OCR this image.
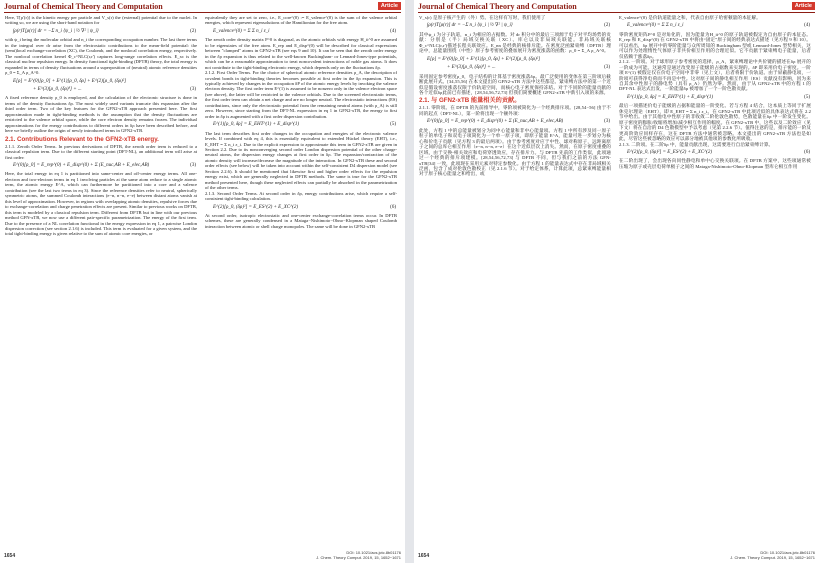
Journal of Chemical Theory and Computation	Article

Here, T[ρ'(r)] is the kinetic energy per particle and V_s(r) the (external) potential due to the nuclei. In writing so, we are using the short-hand notation for

∫ρ(r)T[ρ(r)] dr = −Σ n_i ⟨ψ_i | ½ ∇² | ψ_i⟩	(2)

with ψ_i being the molecular orbital and n_i the corresponding occupation number. The last three terms in the integral over dr arise from the electrostatic contributions to the mean-field potential: the (semi)local exchange-correlation (XC), the Coulomb, and the nonlocal correlation energy, respectively. The nonlocal correlation kernel Φ_c^NLC(r,r') captures long-range correlation effects. E_xc is the classical nuclear repulsion energy. In density functional tight-binding (DFTB) theory, the total energy is expanded in terms of density fluctuations around a superposition of (neutral) atomic reference densities ρ_0 = Σ_A ρ_A^0.

E[ρ] = E^(0)[ρ_0] + E^(1)[ρ_0, δρ] + E^(2)[ρ_0, (δρ)²]
+ E^(3)[ρ_0, (δρ)³] + ...	(3)

A fixed reference density ρ_0 is employed, and the calculation of the electronic structure is done in terms of the density fluctuations δρ. The most widely used variants truncate this expansion after the third order term. Two of the key features for the GFN2-xTB approach presented here. The first approximation made in tight-binding methods is the assumption that the density fluctuations are restricted to the valence orbital space, while the core electron density remains frozen. The individual approximations for the energy contributions to different orders in δρ have been described before, and here we briefly outline the origin of newly introduced terms in GFN2-xTB.

2.1. Contributions Relevant to the GFN2-xTB energy.

2.1.1. Zeroth Order Terms. In previous derivations of DFTB, the zeroth order term is reduced to a classical repulsion term. Due to the different starting point (DFT-NL), an additional term will arise at first order:

E^(0)[ρ_0] = E_rep^(0) + E_disp^(0) + Σ (E_nuc,AB + E_elec,AB)	(3)

Here, the total energy in eq 1 is partitioned into same-center and off-center energy terms. All one-electron and two-electron terms in eq 1 involving particles at the same atom reduce to a single atomic term, the atomic energy E^A, which can furthermore be partitioned into a core and a valence contribution (see the last two terms in eq 3). Since the reference densities refer to neutral, spherically symmetric atoms, the summed Coulomb interactions (e−n, n−n, e−e) between distant atoms vanish at this level of approximation. However, in regions with overlapping atomic densities, repulsive forces due to exchange-correlation and charge penetration effects are present. Similar to previous works on DFTB, this term is modeled by a classical repulsion term. Different from DFTB but in line with our previous method GFN-xTB, we now use a different pair-specific parametrization. The energy of the first term. Due to the presence of a NL correlation functional in the energy expression in eq 1, a pairwise London dispersion correction (see section 2.1.6) is included. This term is evaluated for a given system, and the total tight-binding energy is given relative to the sum of atomic core energies, or

equivalently they are set to zero, i.e., E_core^(0) := E_valence^(0) is the sum of the valence orbital energies, which represent eigensolutions of the Hamiltonian for the free atom.

E_valence^(0) = Σ Σ n_i ε_i	(4)

The zeroth order density matrix P^0 is diagonal, as the atomic orbitals with energy H_ii^0 are assumed to be eigenstates of the free atom. E_rep and E_disp^(0) will be described for classical expressions between "clamped" atoms in GFN2-xTB (see eqs 9 and 10). It can be seen that the zeroth order energy in the δρ expansion is thus related to the well-known Buckingham- or Lennard-Jones-type potentials, which can be a reasonable approximation to treat noncovalent interactions of noble gas atoms. It does not contribute to the tight-binding electronic energy, which depends only on the fluctuations δρ.

2.1.2. First Order Terms. For the choice of spherical atomic reference densities ρ_A, the description of covalent bonds in tight-binding theories becomes possible at first order in the δρ expansion. This is typically achieved by changes in the occupation δP of the atomic energy levels by invoking the valence electron density. The first order term E^(1) is assumed to be nonzero only in the valence electron space (see above), the latter will be restricted to the valence orbitals. Due to the screened electrostatic terms, the first order term can obtain a net charge and are no longer neutral. The electrostatic interactions (ES) contributions, since only the electrostatic potential from the remaining neutral atoms (with ρ_A) is still zero. However, since starting from the DFT-NL expression in eq 1 in GFN2-xTB, the energy to first order in δρ is augmented with a first order dispersion contribution.

E^(1)[ρ_0, δρ] = E_EHT^(1) + E_disp^(1)	(5)

The last term describes first order changes in the occupation and energies of the electronic valence levels. If combined with eq 4, this is essentially equivalent to extended Hückel theory (EHT), i.e., E_EHT = Σ n_i ε_i. Due to the explicit expression to approximate this term in GFN2-xTB are given in Section 2.2. Due to its nonconverging second order London dispersion potential of the other charge-neutral atoms, the dispersion energy changes at first order in δρ. The expansion/contraction of the atomic density will increase/decrease the magnitude of the interaction. In GFN2-xTB these and second order effects (see below) will be taken into account within the self-consistent D4 dispersion model (see Section 2.2.6). It should be mentioned that likewise first and higher order effects for the repulsion energy exist, which are generally neglected in DFTB methods. The same is true for the GFN2-xTB method presented here, though these neglected effects can partially be absorbed in the parametrization of the other terms.

2.1.3. Second Order Terms. At second order in δρ, energy contributions arise, which require a self-consistent tight-binding calculation.

E^(2)[ρ_0, (δρ)²] = E_ES^(2) + E_XC^(2)	(6)

At second order, isotropic electrostatic and one-center exchange-correlation terms occur. In DFTB schemes, these are generally condensed in a Mataga−Nishimoto−Ohno−Klopman shaped Coulomb interaction between atomic or shell charge monopoles. The same will be done in GFN2-xTB

1654
DOI: 10.1021/acs.jctc.8b01176
J. Chem. Theory Comput. 2019, 15, 1652−1671
Journal of Chemical Theory and Computation	Article

V_s(r) 是原子核产生的（外）势。在这样有写时，我们使用了

∫ρ(r)T[ρ(r)] dr = −Σ n_i ⟨ψ_i | ½ ∇² | ψ_i⟩	(2)

其中ψ_i 为分子轨道，n_i 为相应的占据数。对 dr 积分中的最后三项源于电子对平均场势的贡献：分别是（半）局域交换关联（XC）、库仑以及非局域关联能。非局域关联核Φ_c^NLC(r,r')描述长程关联效应。E_nn 是经典的核排斥能。在密度泛函紧束缚（DFTB）理论中，总能量围绕（中性）原子参考密度的叠加展开为密度涨落的函数：ρ_0 = Σ_A ρ_A^0。

E[ρ] = E^(0)[ρ_0] + E^(1)[ρ_0, δρ] + E^(2)[ρ_0, (δρ)²]
+ E^(3)[ρ_0, (δρ)³] + ...	(3)

采用固定参考密度ρ_0，电子结构的计算基于密度涨落δρ。最广泛使用的变体在第三阶项后截断此展开式。[34,55,56] 在本文提出的 GFN2-xTB 方法中这些都是。紧束缚方法中的第一个近似是假设密度涨落仅限于价轨道空间，而核心电子密度保持冻结。对于不同阶的能量贡献的各个近似δρ此前已有描述，[28,54,56,72,73] 但我们简要概述 GFN2-xTB 中新引入项的来源。

2.1. 与 GFN2-xTB 能量相关的贡献。

2.1.1. 零阶项。在 DFTB 的先前推导中，零阶项被简化为一个经典排斥项。[28,54−56] 由于不同的起点（DFT-NL），第一阶将出现一个额外项：

E^(0)[ρ_0] = E_rep^(0) + E_disp^(0) + Σ (E_nuc,AB + E_elec,AB)	(3)

此处，方程 1 中的总能量被划分为同中心能量和非中心能量项。方程 1 中所有涉及同一原子粒子的单电子和双电子项简化为一个单一原子项，即原子能量 E^A，能量可进一步划分为核心和价电子贡献（见方程 3 的最后两项）。由于参考密度对应于中性、球对称原子，远距离原子之间的总库仑相互作用（e−n, n−n, e−e）在这个近似层次上消失。然而，在原子密度重叠的区域，由于交换-相关效应和电荷穿透效应，存在排斥力。与 DFTB 先前的工作类似，此项通过一个经典的排斥项建模。[28,54,56,72,73] 与 DFTB 不同，但与我们之前的方法 GFN-xTB[34] 一致，此项现在采用元素对特定参数化。由于方程 1 的能量表达式中存在非局域相关泛函，包含了成对伦敦色散校正（见 2.1.6 节）。对于给定体系，计算此项，总紧束缚能量相对于原子核心能量之和给出，或

E_valence^(0) 是价轨道能量之和，代表自由原子哈密顿量的本征解。

E_valence^(0) = Σ Σ n_i ε_i	(4)

零阶密度矩阵P^0 是对角化的，因为能量为H_ii^0 的原子轨道被假定为自由原子的本征态。E_rep 和 E_disp^(0) 在 GFN2-xTB 中将由“固定”原子间的经典表达式描述（见方程 9 和 10）。可以看出，δρ 展开中的零阶能量与众所周知的 Buckingham 型或 Lennard-Jones 型势相关，这可以作为处理惰性气体原子非共价相互作用的合理近似。它不贡献于紧束缚电子能量，后者仅依赖于涨落δρ。

2.1.2. 一阶项。对于球形原子参考密度的选择，ρ_A，紧束缚理论中共价键的描述在δρ 展开的一阶成为可能。这通常是通过改变原子能级的占据数来实现的。δP 即采用价电子密度。一阶项 E^(1) 被假定仅在价电子空间中非零（见上文），后者将限于价轨道。由于屏蔽静电项，一阶项可获得净电荷而不再是中性。这对原子间的静电相互作用（ES）贡献没有影响，因为来自其余中性原子的静电势（具有 ρ_A）仍然为零。然而，由于从 GFN2-xTB 中的方程 1 的 DFT-NL 表达式出发，一阶能量δρ 被增加了一个一阶色散贡献。

E^(1)[ρ_0, δρ] = E_EHT^(1) + E_disp^(1)	(5)

最后一项描述价电子能级的占据和能量的一阶变化。若与方程 4 结合，这本质上等同于扩展休克尔理论（EHT），即 E_EHT = Σ n_i ε_i。在 GFN2-xTB 中此项近似的具体表达式将在 2.2 节中给出。由于其他电中性原子的非收敛二阶伦敦色散势，色散能量在δρ 中一阶发生变化。原子密度的膨胀/收缩将增加/减少相互作用的幅度。在 GFN2-xTB 中，这些以及二阶效应（见下文）将在自洽的 D4 色散模型中予以考虑（见第 2.2.6 节）。值得注意的是，排斥能的一阶及更高阶效应同样存在，这在 DFTB 方法中通常被忽略。本文提出的 GFN2-xTB 方法也是如此，尽管这些被忽略的效应可以部分地被其他项的参数化所吸收。

2.1.3. 二阶项。在二阶δρ 中，能量贡献出现，这需要进行自洽紧束缚计算。

E^(2)[ρ_0, (δρ)²] = E_ES^(2) + E_XC^(2)	(6)

在二阶出现了，会出现各向同性静电和单中心交换关联项。在 DFTB 方案中，这些项通常被压缩为原子或壳层电荷单极子之间的 Mataga-Nishimoto-Ohno-Klopman 型库仑相互作用

1654
DOI: 10.1021/acs.jctc.8b01176
J. Chem. Theory Comput. 2019, 15, 1652−1671
